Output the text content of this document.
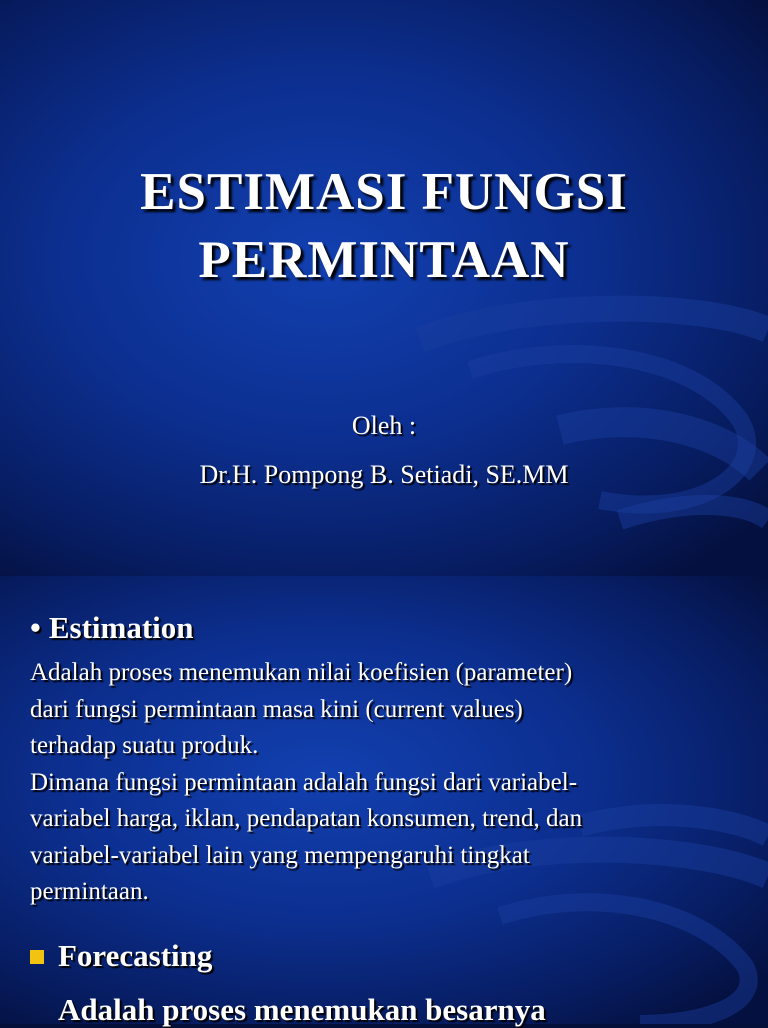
ESTIMASI FUNGSI
PERMINTAAN
Oleh :
Dr.H. Pompong B. Setiadi, SE.MM
• Estimation
Adalah proses menemukan nilai koefisien (parameter)
dari fungsi permintaan masa kini (current values)
terhadap suatu produk.
Dimana fungsi permintaan adalah fungsi dari variabel-
variabel harga, iklan, pendapatan konsumen, trend, dan
variabel-variabel lain yang mempengaruhi tingkat
permintaan.
Forecasting
Adalah proses menemukan besarnya
